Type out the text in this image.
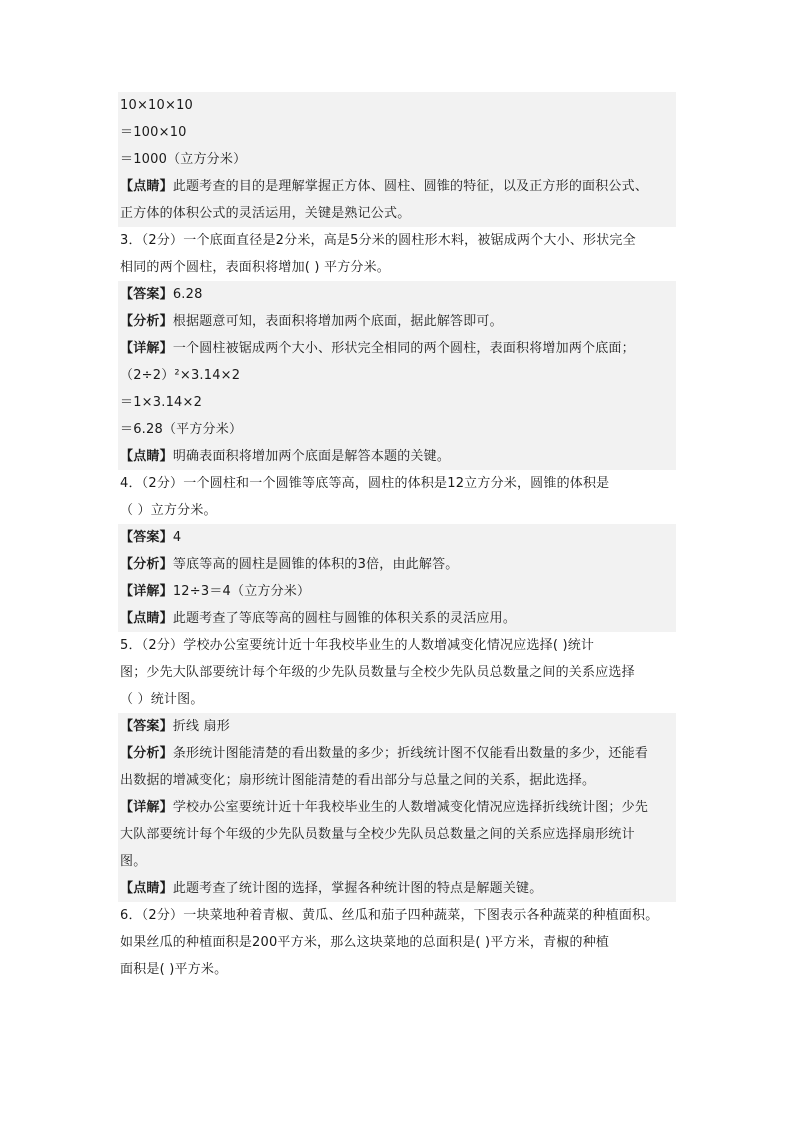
10×10×10
＝100×10
＝1000（立方分米）
【点睛】此题考查的目的是理解掌握正方体、圆柱、圆锥的特征，以及正方形的面积公式、
正方体的体积公式的灵活运用，关键是熟记公式。
3．（2分）一个底面直径是2分米，高是5分米的圆柱形木料，被锯成两个大小、形状完全
相同的两个圆柱，表面积将增加( ) 平方分米。
【答案】6.28
【分析】根据题意可知，表面积将增加两个底面，据此解答即可。
【详解】一个圆柱被锯成两个大小、形状完全相同的两个圆柱，表面积将增加两个底面；
（2÷2）²×3.14×2
＝1×3.14×2
＝6.28（平方分米）
【点睛】明确表面积将增加两个底面是解答本题的关键。
4．（2分）一个圆柱和一个圆锥等底等高，圆柱的体积是12立方分米，圆锥的体积是
（ ）立方分米。
【答案】4
【分析】等底等高的圆柱是圆锥的体积的3倍，由此解答。
【详解】12÷3＝4（立方分米）
【点睛】此题考查了等底等高的圆柱与圆锥的体积关系的灵活应用。
5．（2分）学校办公室要统计近十年我校毕业生的人数增减变化情况应选择( )统计
图；少先大队部要统计每个年级的少先队员数量与全校少先队员总数量之间的关系应选择
（ ）统计图。
【答案】折线 扇形
【分析】条形统计图能清楚的看出数量的多少；折线统计图不仅能看出数量的多少，还能看
出数据的增减变化；扇形统计图能清楚的看出部分与总量之间的关系，据此选择。
【详解】学校办公室要统计近十年我校毕业生的人数增减变化情况应选择折线统计图；少先
大队部要统计每个年级的少先队员数量与全校少先队员总数量之间的关系应选择扇形统计
图。
【点睛】此题考查了统计图的选择，掌握各种统计图的特点是解题关键。
6．（2分）一块菜地种着青椒、黄瓜、丝瓜和茄子四种蔬菜，下图表示各种蔬菜的种植面积。
如果丝瓜的种植面积是200平方米，那么这块菜地的总面积是( )平方米，青椒的种植
面积是( )平方米。
